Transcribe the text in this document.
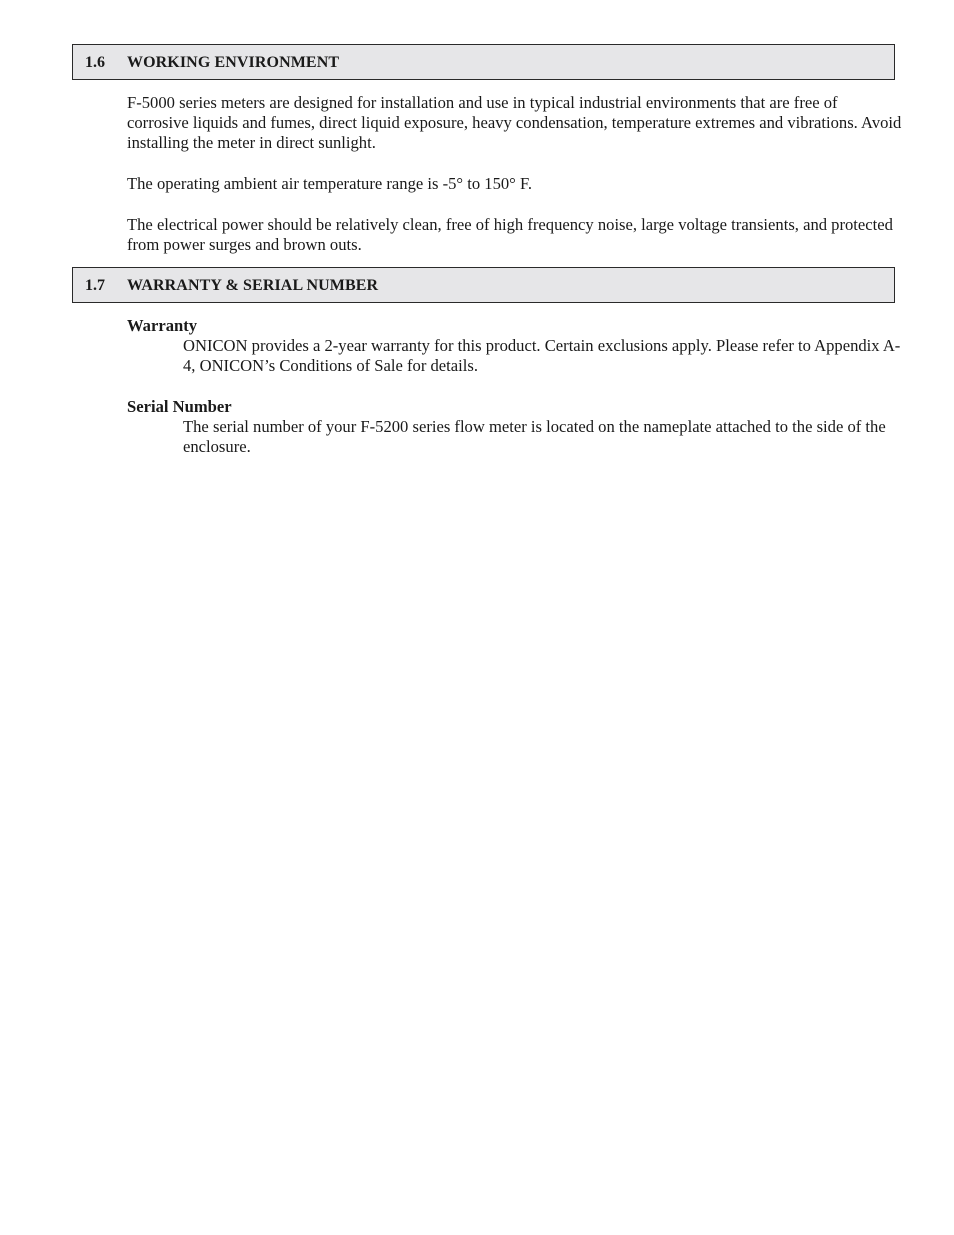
1.6 WORKING ENVIRONMENT

F-5000 series meters are designed for installation and use in typical industrial environments that are free of corrosive liquids and fumes, direct liquid exposure, heavy condensation, temperature extremes and vibrations. Avoid installing the meter in direct sunlight.

The operating ambient air temperature range is -5° to 150° F.

The electrical power should be relatively clean, free of high frequency noise, large voltage transients, and protected from power surges and brown outs.

1.7 WARRANTY & SERIAL NUMBER

Warranty

ONICON provides a 2-year warranty for this product. Certain exclusions apply. Please refer to Appendix A-4, ONICON’s Conditions of Sale for details.

Serial Number

The serial number of your F-5200 series flow meter is located on the nameplate attached to the side of the enclosure.
